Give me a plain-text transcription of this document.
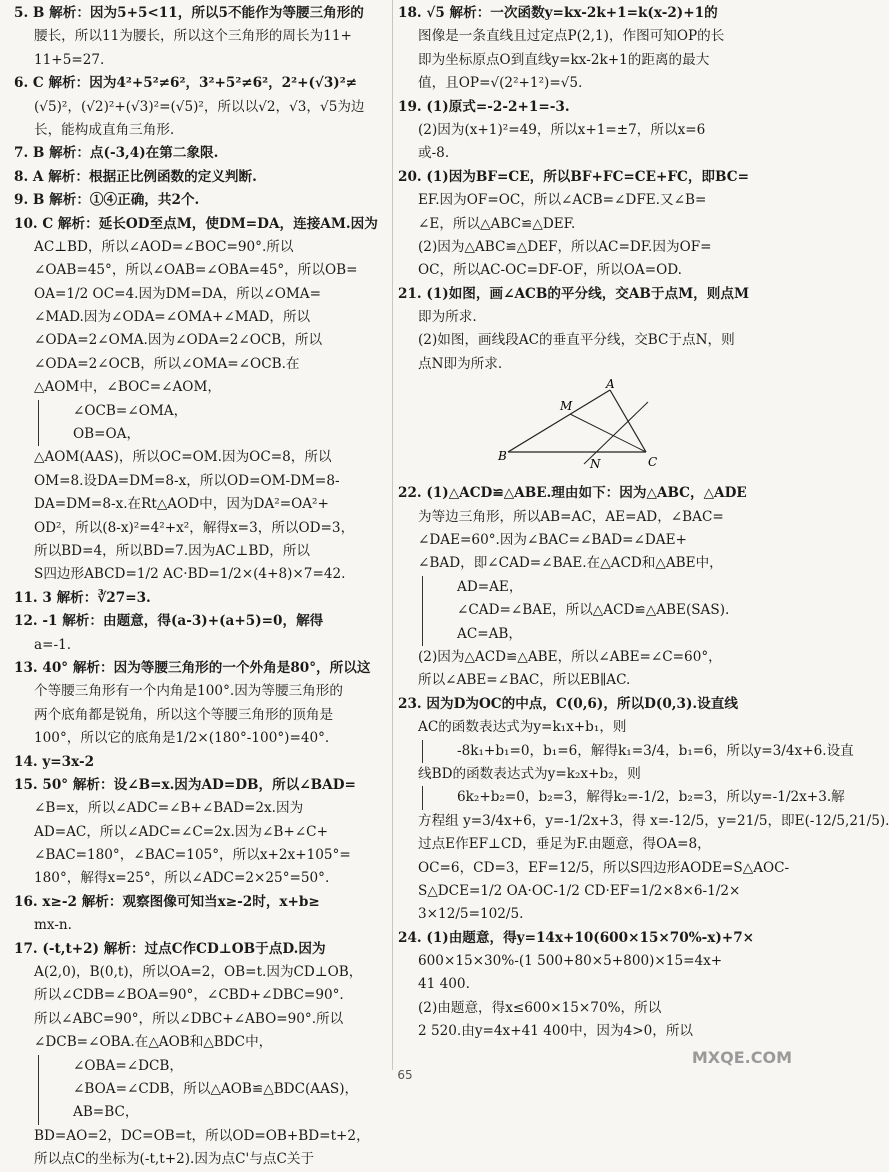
5. B 解析：因为5+5<11，所以5不能作为等腰三角形的
腰长，所以11为腰长，所以这个三角形的周长为11+
11+5=27.
6. C 解析：因为4²+5²≠6²，3²+5²≠6²，2²+(√3)²≠
(√5)²，(√2)²+(√3)²=(√5)²，所以以√2，√3，√5为边
长，能构成直角三角形.
7. B 解析：点(-3,4)在第二象限.
8. A 解析：根据正比例函数的定义判断.
9. B 解析：①④正确，共2个.
10. C 解析：延长OD至点M，使DM=DA，连接AM.因为
AC⊥BD，所以∠AOD=∠BOC=90°.所以
∠OAB=45°，所以∠OAB=∠OBA=45°，所以OB=
OA=1/2 OC=4.因为DM=DA，所以∠OMA=
∠MAD.因为∠ODA=∠OMA+∠MAD，所以
∠ODA=2∠OMA.因为∠ODA=2∠OCB，所以
∠ODA=2∠OCB，所以∠OMA=∠OCB.在
△AOM中，∠BOC=∠AOM，
∠OCB=∠OMA，
OB=OA，
△AOM(AAS)，所以OC=OM.因为OC=8，所以
OM=8.设DA=DM=8-x，所以OD=OM-DM=8-
DA=DM=8-x.在Rt△AOD中，因为DA²=OA²+
OD²，所以(8-x)²=4²+x²，解得x=3，所以OD=3，
所以BD=4，所以BD=7.因为AC⊥BD，所以
S四边形ABCD=1/2 AC·BD=1/2×(4+8)×7=42.
11. 3 解析：∛27=3.
12. -1 解析：由题意，得(a-3)+(a+5)=0，解得
a=-1.
13. 40° 解析：因为等腰三角形的一个外角是80°，所以这
个等腰三角形有一个内角是100°.因为等腰三角形的
两个底角都是锐角，所以这个等腰三角形的顶角是
100°，所以它的底角是1/2×(180°-100°)=40°.
14. y=3x-2
15. 50° 解析：设∠B=x.因为AD=DB，所以∠BAD=
∠B=x，所以∠ADC=∠B+∠BAD=2x.因为
AD=AC，所以∠ADC=∠C=2x.因为∠B+∠C+
∠BAC=180°，∠BAC=105°，所以x+2x+105°=
180°，解得x=25°，所以∠ADC=2×25°=50°.
16. x≥-2 解析：观察图像可知当x≥-2时，x+b≥
mx-n.
17. (-t,t+2) 解析：过点C作CD⊥OB于点D.因为
A(2,0)，B(0,t)，所以OA=2，OB=t.因为CD⊥OB，
所以∠CDB=∠BOA=90°，∠CBD+∠DBC=90°.
所以∠ABC=90°，所以∠DBC+∠ABO=90°.所以
∠DCB=∠OBA.在△AOB和△BDC中，
∠OBA=∠DCB，
∠BOA=∠CDB，所以△AOB≌△BDC(AAS)，
AB=BC，
BD=AO=2，DC=OB=t，所以OD=OB+BD=t+2，
所以点C的坐标为(-t,t+2).因为点C'与点C关于
18. √5 解析：一次函数y=kx-2k+1=k(x-2)+1的
图像是一条直线且过定点P(2,1)，作图可知OP的长
即为坐标原点O到直线y=kx-2k+1的距离的最大
值，且OP=√(2²+1²)=√5.
19. (1)原式=-2-2+1=-3.
(2)因为(x+1)²=49，所以x+1=±7，所以x=6
或-8.
20. (1)因为BF=CE，所以BF+FC=CE+FC，即BC=
EF.因为OF=OC，所以∠ACB=∠DFE.又∠B=
∠E，所以△ABC≌△DEF.
(2)因为△ABC≌△DEF，所以AC=DF.因为OF=
OC，所以AC-OC=DF-OF，所以OA=OD.
21. (1)如图，画∠ACB的平分线，交AB于点M，则点M
即为所求.
(2)如图，画线段AC的垂直平分线，交BC于点N，则
点N即为所求.
B
A
C
M
N
22. (1)△ACD≌△ABE.理由如下：因为△ABC，△ADE
为等边三角形，所以AB=AC，AE=AD，∠BAC=
∠DAE=60°.因为∠BAC=∠BAD=∠DAE+
∠BAD，即∠CAD=∠BAE.在△ACD和△ABE中，
AD=AE，
∠CAD=∠BAE，所以△ACD≌△ABE(SAS).
AC=AB，
(2)因为△ACD≌△ABE，所以∠ABE=∠C=60°，
所以∠ABE=∠BAC，所以EB∥AC.
23. 因为D为OC的中点，C(0,6)，所以D(0,3).设直线
AC的函数表达式为y=k₁x+b₁，则
-8k₁+b₁=0，b₁=6，解得k₁=3/4，b₁=6，所以y=3/4x+6.设直
线BD的函数表达式为y=k₂x+b₂，则
6k₂+b₂=0，b₂=3，解得k₂=-1/2，b₂=3，所以y=-1/2x+3.解
方程组 y=3/4x+6，y=-1/2x+3，得 x=-12/5，y=21/5，即E(-12/5,21/5).
过点E作EF⊥CD，垂足为F.由题意，得OA=8，
OC=6，CD=3，EF=12/5，所以S四边形AODE=S△AOC-
S△DCE=1/2 OA·OC-1/2 CD·EF=1/2×8×6-1/2×
3×12/5=102/5.
24. (1)由题意，得y=14x+10(600×15×70%-x)+7×
600×15×30%-(1 500+80×5+800)×15=4x+
41 400.
(2)由题意，得x≤600×15×70%，所以
2 520.由y=4x+41 400中，因为4>0，所以
65
MXQE.COM
